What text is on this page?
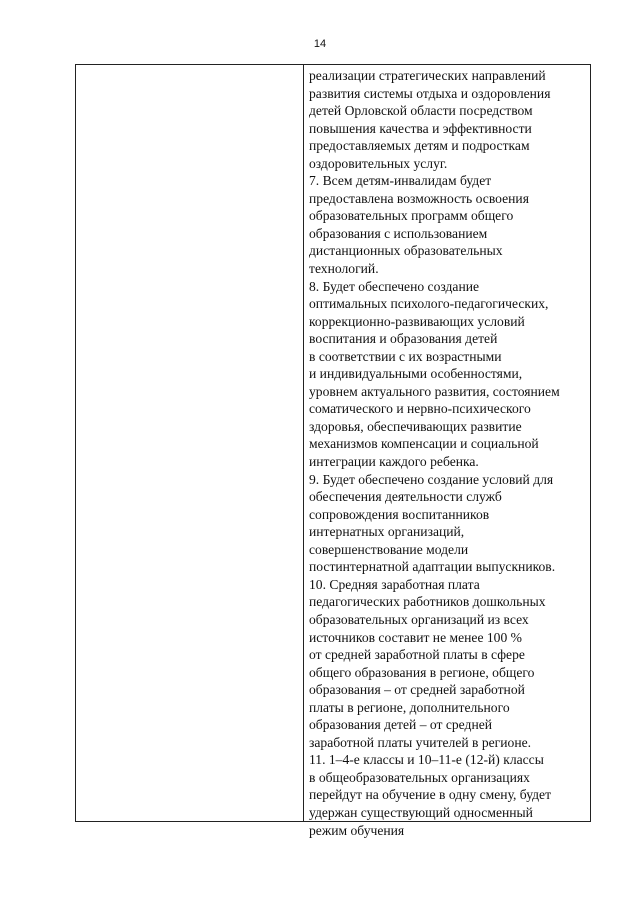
14
реализации стратегических направлений
развития системы отдыха и оздоровления
детей Орловской области посредством
повышения качества и эффективности
предоставляемых детям и подросткам
оздоровительных услуг.
7. Всем детям-инвалидам будет
предоставлена возможность освоения
образовательных программ общего
образования с использованием
дистанционных образовательных
технологий.
8. Будет обеспечено создание
оптимальных психолого-педагогических,
коррекционно-развивающих условий
воспитания и образования детей
в соответствии с их возрастными
и индивидуальными особенностями,
уровнем актуального развития, состоянием
соматического и нервно-психического
здоровья, обеспечивающих развитие
механизмов компенсации и социальной
интеграции каждого ребенка.
9. Будет обеспечено создание условий для
обеспечения деятельности служб
сопровождения воспитанников
интернатных организаций,
совершенствование модели
постинтернатной адаптации выпускников.
10. Средняя заработная плата
педагогических работников дошкольных
образовательных организаций из всех
источников составит не менее 100 %
от средней заработной платы в сфере
общего образования в регионе, общего
образования – от средней заработной
платы в регионе, дополнительного
образования детей – от средней
заработной платы учителей в регионе.
11. 1–4-е классы и 10–11-е (12-й) классы
в общеобразовательных организациях
перейдут на обучение в одну смену, будет
удержан существующий односменный
режим обучения
